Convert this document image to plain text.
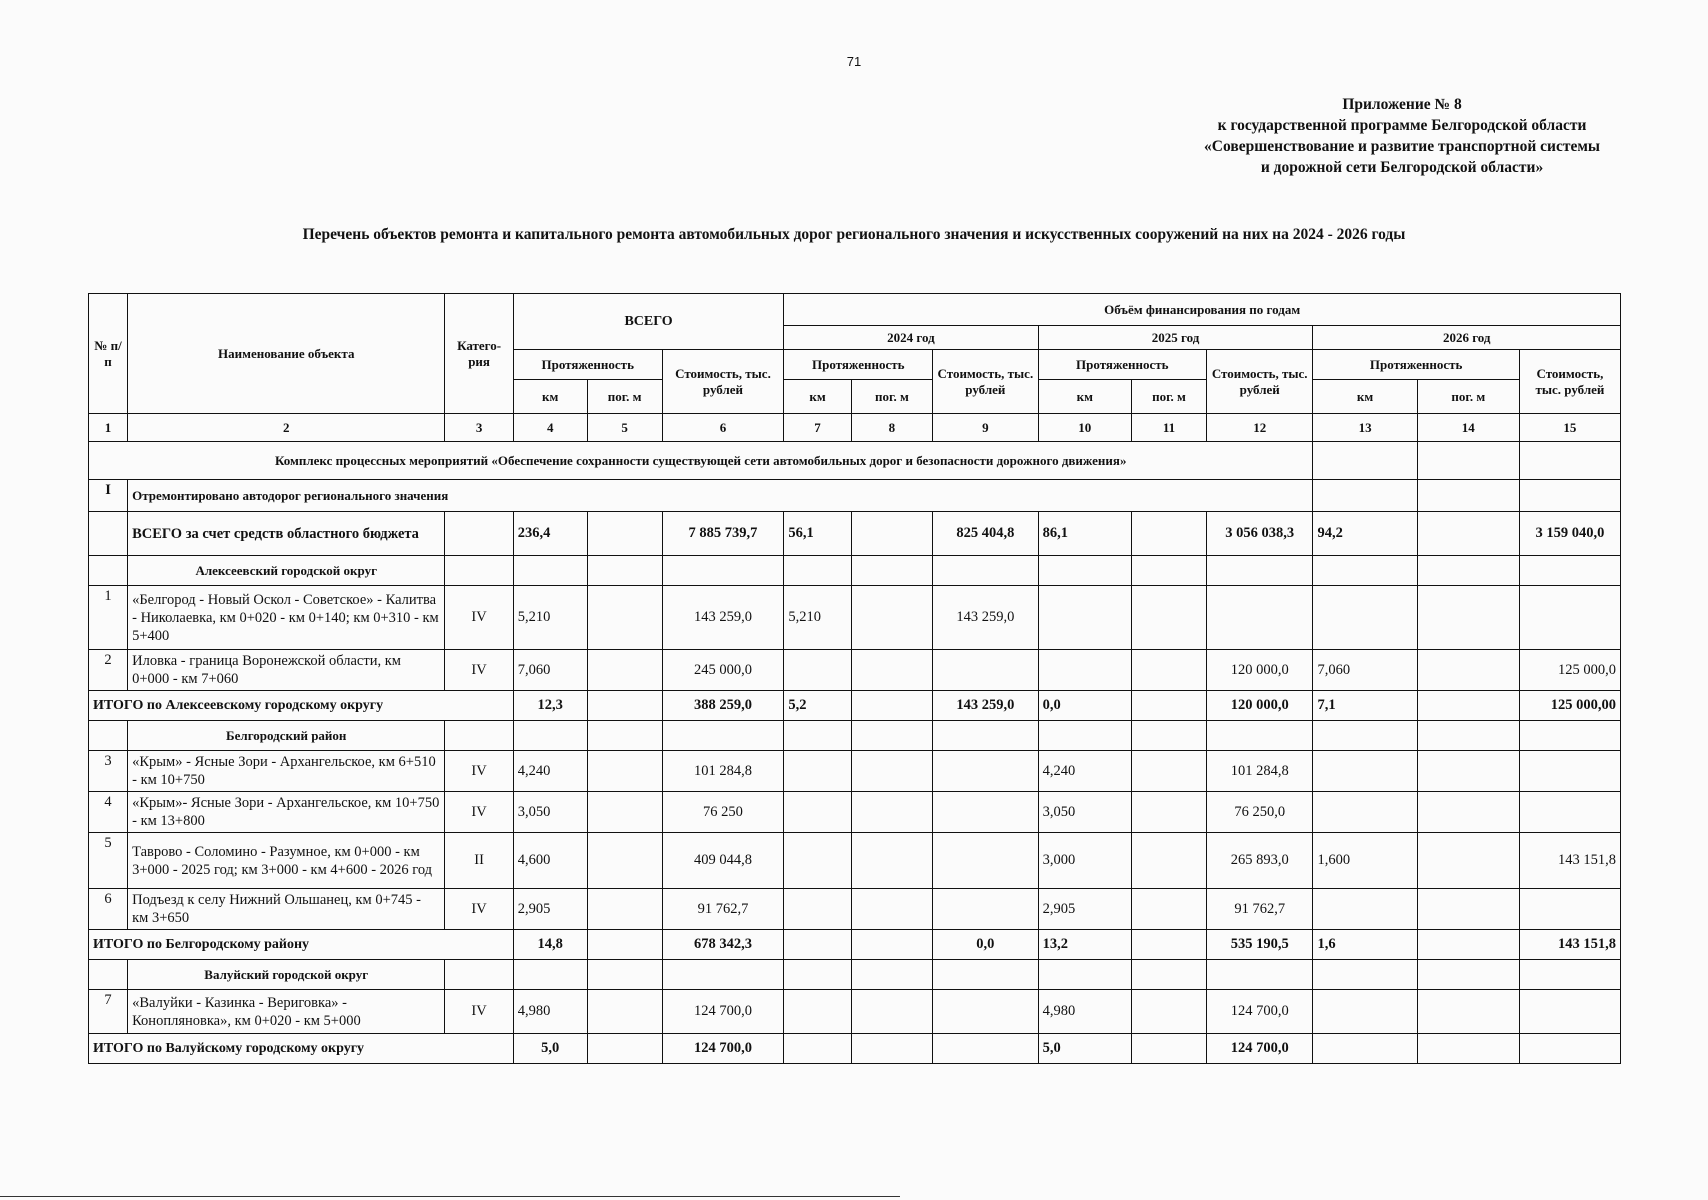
71
Приложение № 8
к государственной программе Белгородской области
«Совершенствование и развитие транспортной системы
и дорожной сети Белгородской области»
Перечень объектов ремонта и капитального ремонта автомобильных дорог регионального значения и искусственных сооружений на них на 2024 - 2026 годы
№ п/п	Наименование объекта	Катего-рия	ВСЕГО			Объём финансирования по годам								
						2024 год			2025 год			2026 год		
			Протяженность		Стоимость, тыс. рублей	Протяженность		Стоимость, тыс. рублей	Протяженность		Стоимость, тыс. рублей	Протяженность		Стоимость, тыс. рублей
			км	пог. м		км	пог. м		км	пог. м		км	пог. м	
1	2	3	4	5	6	7	8	9	10	11	12	13	14	15
Комплекс процессных мероприятий «Обеспечение сохранности существующей сети автомобильных дорог и безопасности дорожного движения»														
I	Отремонтировано автодорог регионального значения													
	ВСЕГО за счет средств областного бюджета		236,4		7 885 739,7	56,1		825 404,8	86,1		3 056 038,3	94,2		3 159 040,0
	Алексеевский городской округ													
1	«Белгород - Новый Оскол - Советское» - Калитва - Николаевка, км 0+020 - км 0+140; км 0+310 - км 5+400	IV	5,210		143 259,0	5,210		143 259,0						
2	Иловка - граница Воронежской области, км 0+000 - км 7+060	IV	7,060		245 000,0						120 000,0	7,060		125 000,0
ИТОГО по Алексеевскому городскому округу			12,3		388 259,0	5,2		143 259,0	0,0		120 000,0	7,1		125 000,00
	Белгородский район													
3	«Крым» - Ясные Зори - Архангельское, км 6+510 - км 10+750	IV	4,240		101 284,8				4,240		101 284,8			
4	«Крым»- Ясные Зори - Архангельское, км 10+750 - км 13+800	IV	3,050		76 250				3,050		76 250,0			
5	Таврово - Соломино - Разумное, км 0+000 - км 3+000 - 2025 год; км 3+000 - км 4+600 - 2026 год	II	4,600		409 044,8				3,000		265 893,0	1,600		143 151,8
6	Подъезд к селу Нижний Ольшанец, км 0+745 - км 3+650	IV	2,905		91 762,7				2,905		91 762,7			
ИТОГО по Белгородскому району			14,8		678 342,3			0,0	13,2		535 190,5	1,6		143 151,8
	Валуйский городской округ													
7	«Валуйки - Казинка - Вериговка» - Коноплянoвка», км 0+020 - км 5+000	IV	4,980		124 700,0				4,980		124 700,0			
ИТОГО по Валуйскому городскому округу			5,0		124 700,0				5,0		124 700,0			
